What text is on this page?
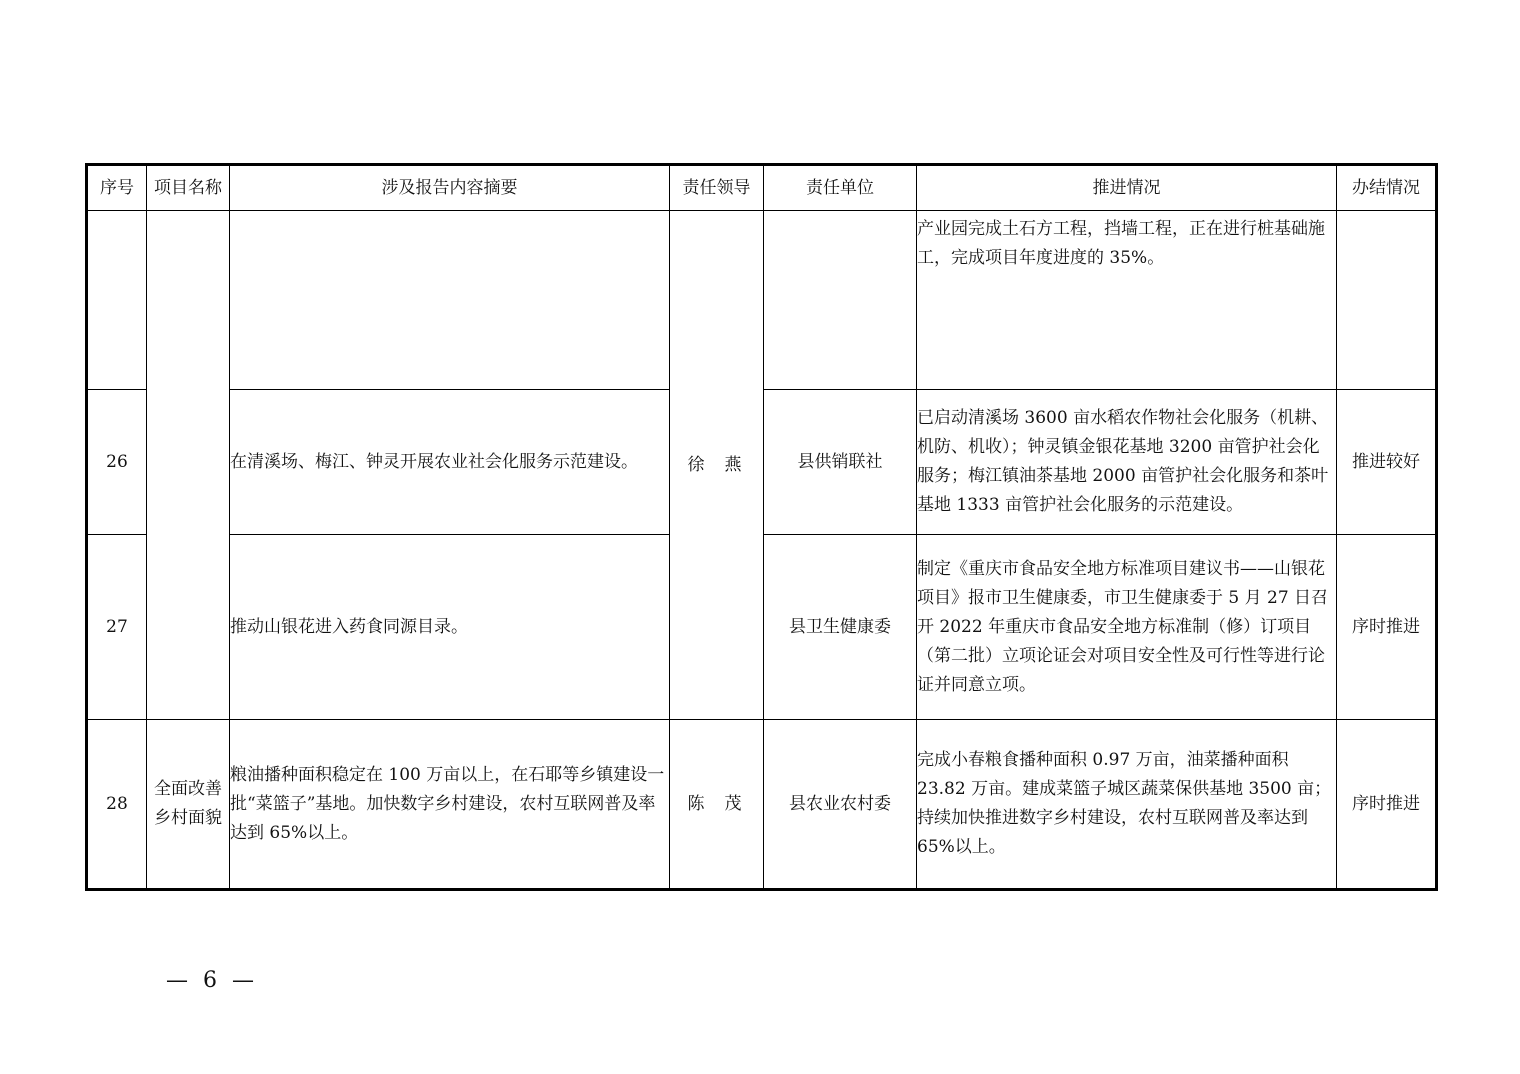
序号	项目名称	涉及报告内容摘要	责任领导	责任单位	推进情况	办结情况
			徐燕		产业园完成土石方工程，挡墙工程，正在进行桩基础施工，完成项目年度进度的 35%。	
26		在清溪场、梅江、钟灵开展农业社会化服务示范建设。		县供销联社	已启动清溪场 3600 亩水稻农作物社会化服务（机耕、机防、机收）；钟灵镇金银花基地 3200 亩管护社会化服务；梅江镇油茶基地 2000 亩管护社会化服务和茶叶基地 1333 亩管护社会化服务的示范建设。	推进较好
27		推动山银花进入药食同源目录。		县卫生健康委	制定《重庆市食品安全地方标准项目建议书——山银花项目》报市卫生健康委，市卫生健康委于 5 月 27 日召开 2022 年重庆市食品安全地方标准制（修）订项目（第二批）立项论证会对项目安全性及可行性等进行论证并同意立项。	序时推进
28	全面改善乡村面貌	粮油播种面积稳定在 100 万亩以上，在石耶等乡镇建设一批“菜篮子”基地。加快数字乡村建设，农村互联网普及率达到 65%以上。	陈茂	县农业农村委	完成小春粮食播种面积 0.97 万亩，油菜播种面积 23.82 万亩。建成菜篮子城区蔬菜保供基地 3500 亩；持续加快推进数字乡村建设，农村互联网普及率达到 65%以上。	序时推进
— 6 —
